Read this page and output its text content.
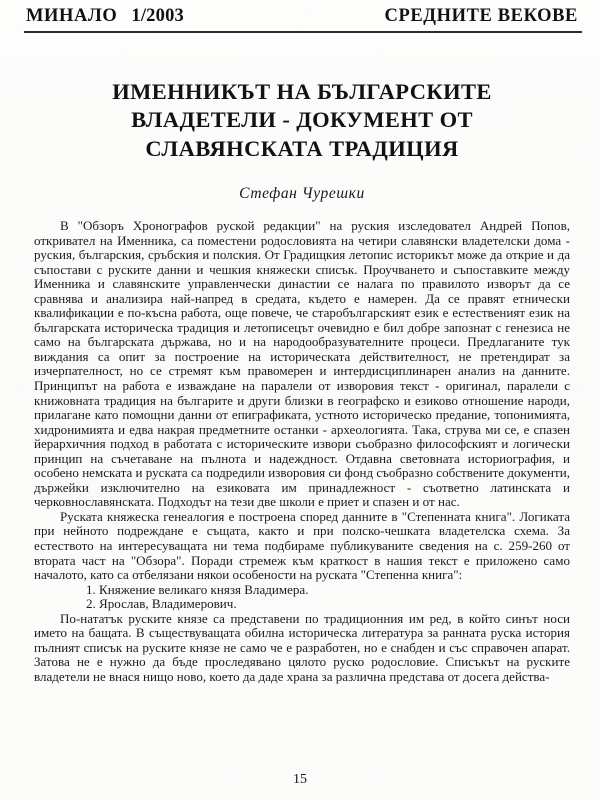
МИНАЛО 1/2003	СРЕДНИТЕ ВЕКОВЕ
ИМЕННИКЪТ НА БЪЛГАРСКИТЕ ВЛАДЕТЕЛИ - ДОКУМЕНТ ОТ СЛАВЯНСКАТА ТРАДИЦИЯ
Стефан Чурешки

В "Обзоръ Хронографов руской редакции" на руския изследовател Андрей Попов, откривател на Именника, са поместени родословията на четири славянски владетелски дома - руския, българския, сръбския и полския. От Градищкия летопис историкът може да открие и да съпостави с руските данни и чешкия княжески списък. Проучването и съпоставките между Именника и славянските управленчески династии се налага по правилото изворът да се сравнява и анализира най-напред в средата, където е намерен. Да се правят етнически квалификации е по-късна работа, още повече, че старобългарският език е естественият език на българската историческа традиция и летописецът очевидно е бил добре запознат с генезиса не само на българската държава, но и на народообразувателните процеси. Предлаганите тук виждания са опит за построение на историческата действителност, не претендират за изчерпателност, но се стремят към правомерен и интердисциплинарен анализ на данните. Принципът на работа е изваждане на паралели от изворовия текст - оригинал, паралели с книжовната традиция на българите и други близки в географско и езиково отношение народи, прилагане като помощни данни от епиграфиката, устното историческо предание, топонимията, хидронимията и едва накрая предметните останки - археологията. Така, струва ми се, е спазен йерархичния подход в работата с историческите извори съобразно философският и логически принцип на съчетаване на пълнота и надеждност. Отдавна световната историография, и особено немската и руската са подредили изворовия си фонд съобразно собствените документи, държейки изключително на езиковата им принадлежност - съответно латинската и черковнославянската. Подходът на тези две школи е приет и спазен и от нас.

Руската княжеска генеалогия е построена според данните в "Степенната книга". Логиката при нейното подреждане е същата, както и при полско-чешката владетелска схема. За естеството на интересуващата ни тема подбираме публикуваните сведения на с. 259-260 от втората част на "Обзора". Поради стремеж към краткост в нашия текст е приложено само началото, като са отбелязани някои особености на руската "Степенна книга":

1. Княжение великаго князя Владимера.

2. Ярослав, Владимерович.

По-нататък руските князе са представени по традиционния им ред, в който синът носи името на бащата. В съществуващата обилна историческа литература за ранната руска история пълният списък на руските князе не само че е разработен, но е снабден и със справочен апарат. Затова не е нужно да бъде проследявано цялото руско родословие. Списъкът на руските владетели не внася нищо ново, което да даде храна за различна представа от досега действа-

15
